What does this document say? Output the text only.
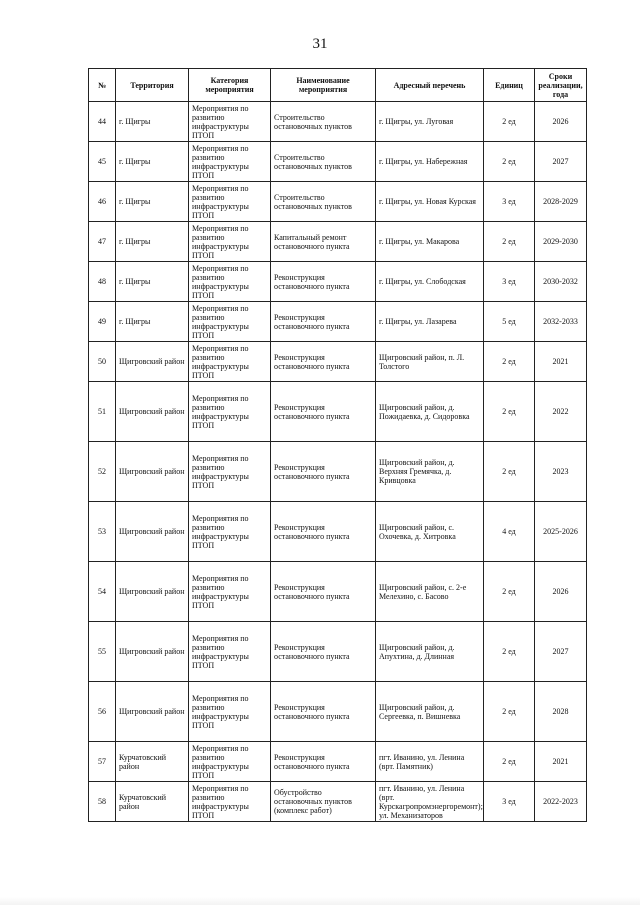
31
№	Территория	Категория мероприятия	Наименование мероприятия	Адресный перечень	Единиц	Сроки реализации, года
44	г. Щигры	Мероприятия по развитию инфраструктуры ПТОП	Строительство остановочных пунктов	г. Щигры, ул. Луговая	2 ед	2026
45	г. Щигры	Мероприятия по развитию инфраструктуры ПТОП	Строительство остановочных пунктов	г. Щигры, ул. Набережная	2 ед	2027
46	г. Щигры	Мероприятия по развитию инфраструктуры ПТОП	Строительство остановочных пунктов	г. Щигры, ул. Новая Курская	3 ед	2028-2029
47	г. Щигры	Мероприятия по развитию инфраструктуры ПТОП	Капитальный ремонт остановочного пункта	г. Щигры, ул. Макарова	2 ед	2029-2030
48	г. Щигры	Мероприятия по развитию инфраструктуры ПТОП	Реконструкция остановочного пункта	г. Щигры, ул. Слободская	3 ед	2030-2032
49	г. Щигры	Мероприятия по развитию инфраструктуры ПТОП	Реконструкция остановочного пункта	г. Щигры, ул. Лазарева	5 ед	2032-2033
50	Щигровский район	Мероприятия по развитию инфраструктуры ПТОП	Реконструкция остановочного пункта	Щигровский район, п. Л. Толстого	2 ед	2021
51	Щигровский район	Мероприятия по развитию инфраструктуры ПТОП	Реконструкция остановочного пункта	Щигровский район, д. Пожидаевка, д. Сидоровка	2 ед	2022
52	Щигровский район	Мероприятия по развитию инфраструктуры ПТОП	Реконструкция остановочного пункта	Щигровский район, д. Верхняя Гремячка, д. Кривцовка	2 ед	2023
53	Щигровский район	Мероприятия по развитию инфраструктуры ПТОП	Реконструкция остановочного пункта	Щигровский район, с. Охочевка, д. Хитровка	4 ед	2025-2026
54	Щигровский район	Мероприятия по развитию инфраструктуры ПТОП	Реконструкция остановочного пункта	Щигровский район, с. 2-е Мелехино, с. Басово	2 ед	2026
55	Щигровский район	Мероприятия по развитию инфраструктуры ПТОП	Реконструкция остановочного пункта	Щигровский район, д. Апухтина, д. Длинная	2 ед	2027
56	Щигровский район	Мероприятия по развитию инфраструктуры ПТОП	Реконструкция остановочного пункта	Щигровский район, д. Сергеевка, п. Вишневка	2 ед	2028
57	Курчатовский район	Мероприятия по развитию инфраструктуры ПТОП	Реконструкция остановочного пункта	пгт. Иванино, ул. Ленина (врт. Памятник)	2 ед	2021
58	Курчатовский район	Мероприятия по развитию инфраструктуры ПТОП	Обустройство остановочных пунктов (комплекс работ)	пгт. Иванино, ул. Ленина (врт. Курскагропромэнергоремонт); ул. Механизаторов	3 ед	2022-2023
